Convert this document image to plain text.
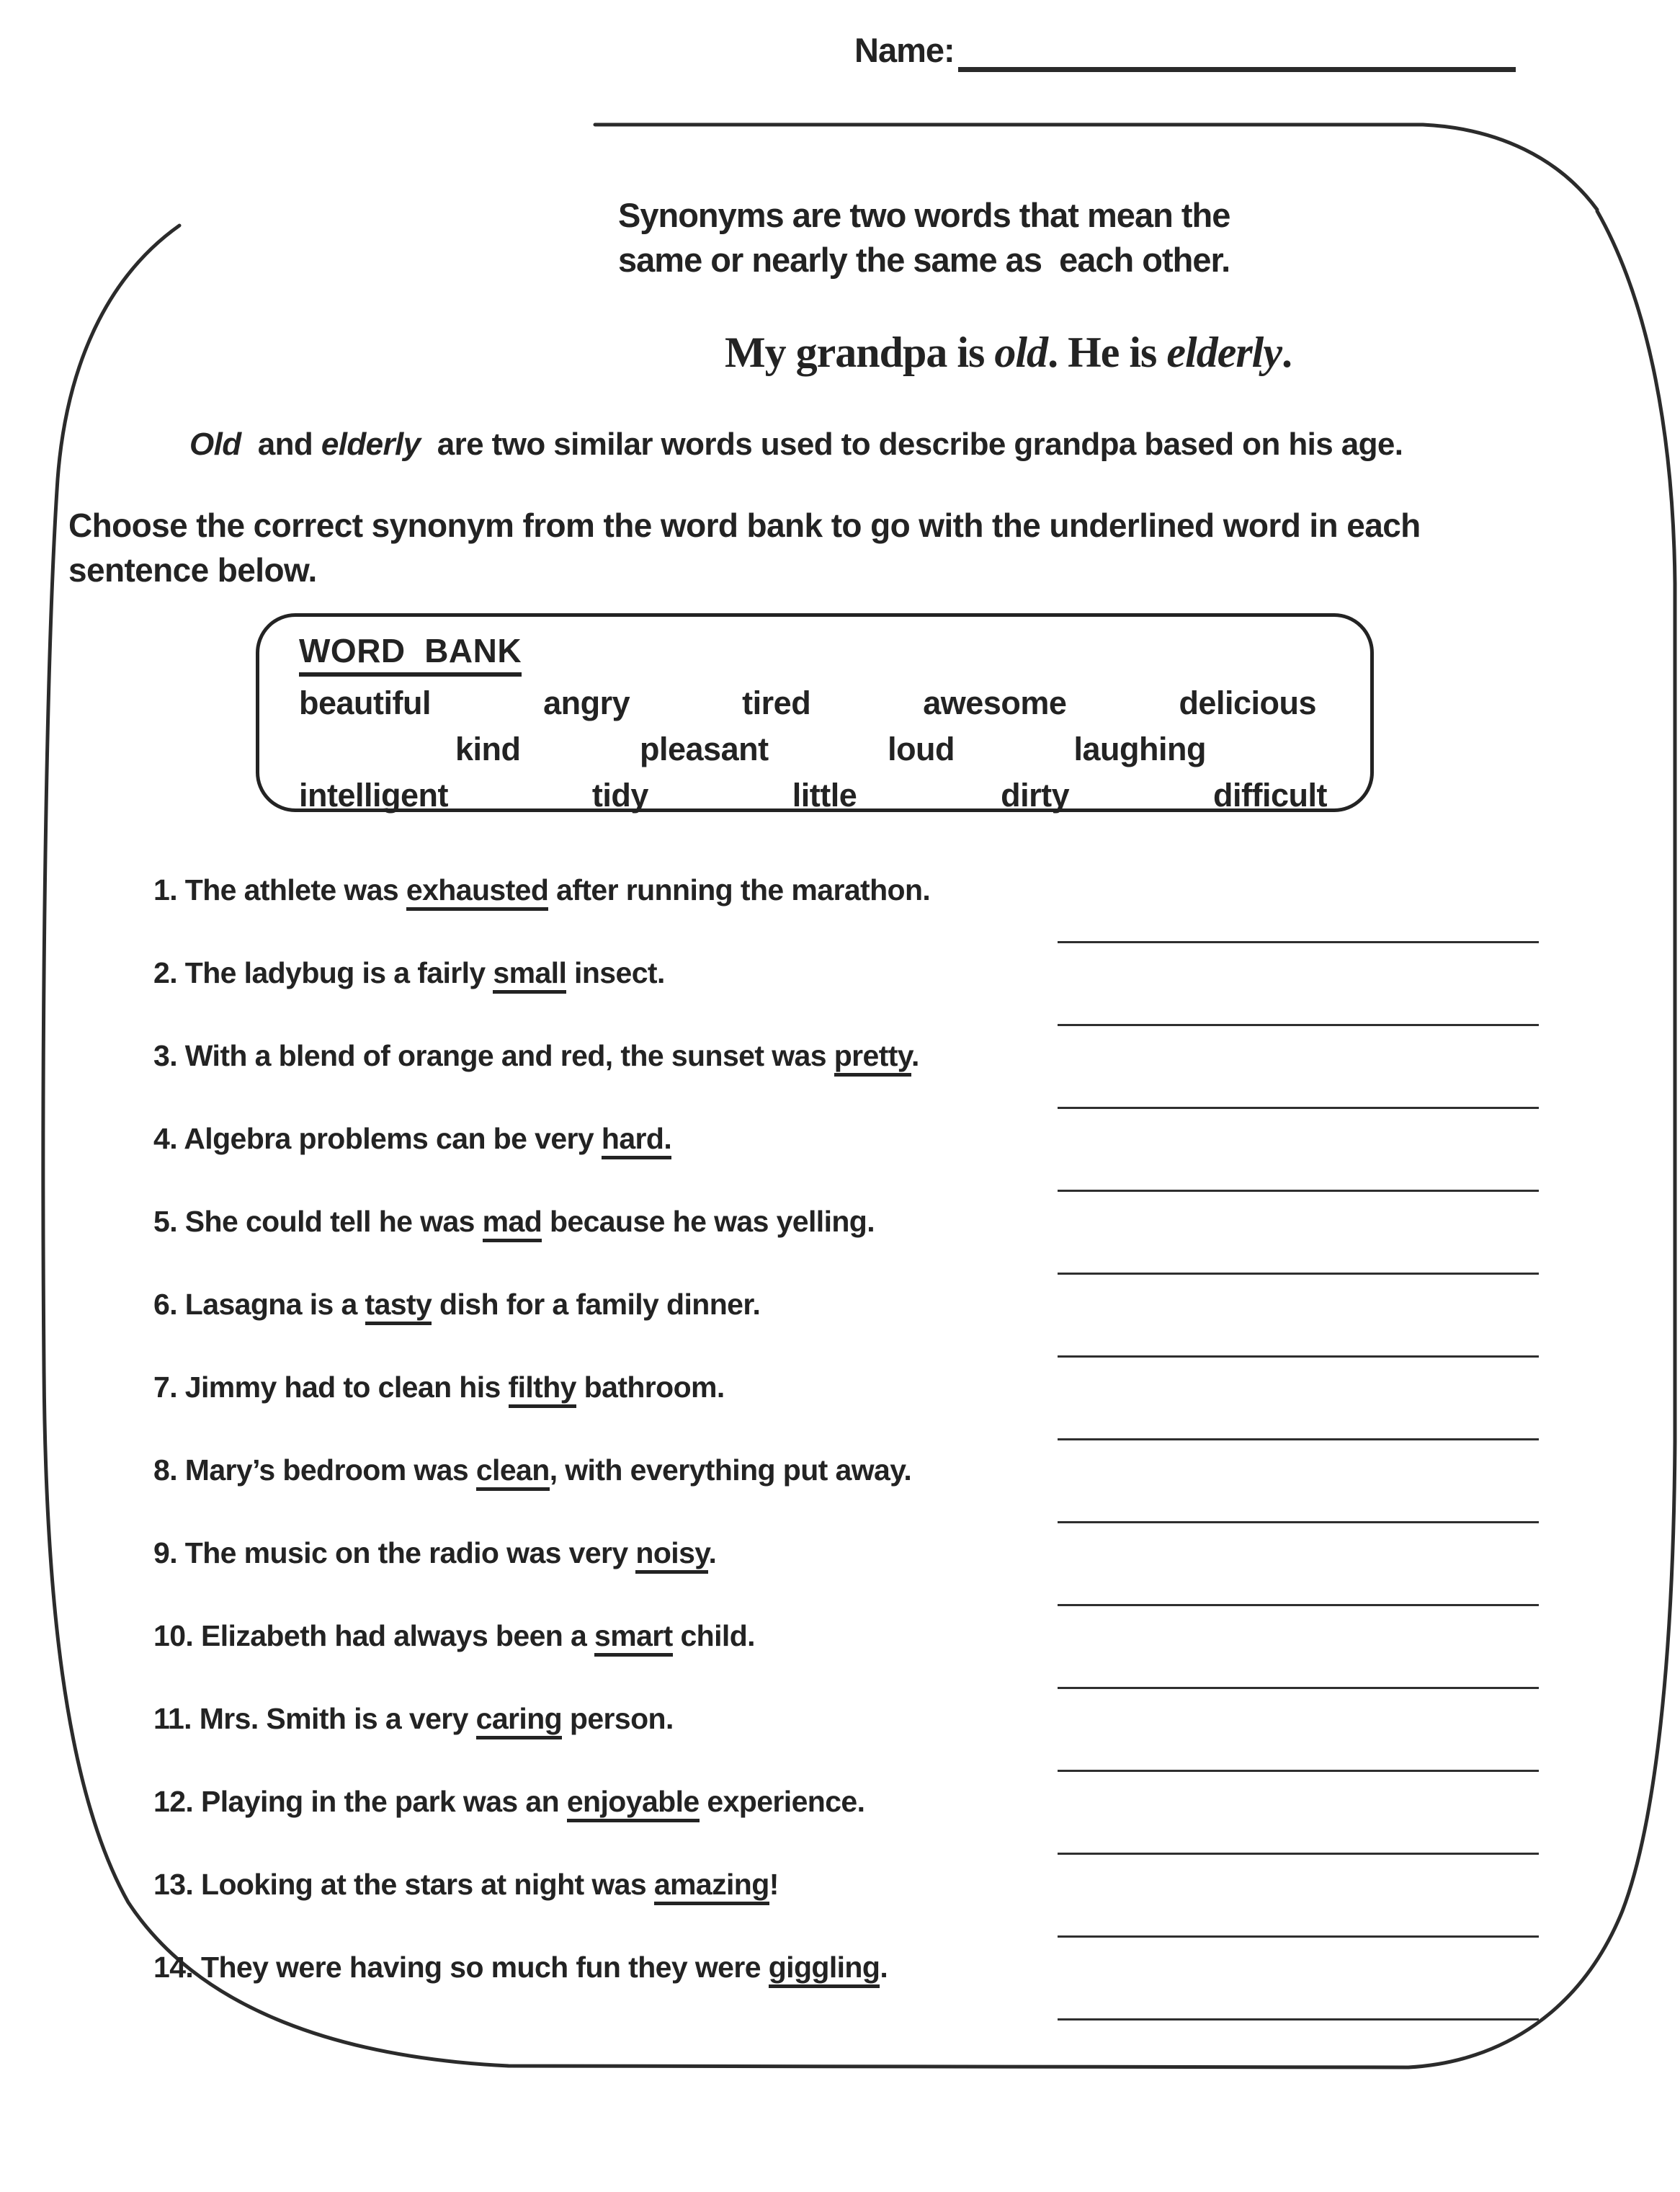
Name:
Synonyms are two words that mean the
same or nearly the same as  each other.
My grandpa is old. He is elderly.
Old  and elderly  are two similar words used to describe grandpa based on his age.
Choose the correct synonym from the word bank to go with the underlined word in each
sentence below.
WORD  BANK
beautiful	angry	tired	awesome	delicious
kind	pleasant	loud	laughing
intelligent	tidy	little	dirty	difficult
1. The athlete was exhausted after running the marathon.
2. The ladybug is a fairly small insect.
3. With a blend of orange and red, the sunset was pretty.
4. Algebra problems can be very hard.
5. She could tell he was mad because he was yelling.
6. Lasagna is a tasty dish for a family dinner.
7. Jimmy had to clean his filthy bathroom.
8. Mary’s bedroom was clean, with everything put away.
9. The music on the radio was very noisy.
10. Elizabeth had always been a smart child.
11. Mrs. Smith is a very caring person.
12. Playing in the park was an enjoyable experience.
13. Looking at the stars at night was amazing!
14. They were having so much fun they were giggling.
